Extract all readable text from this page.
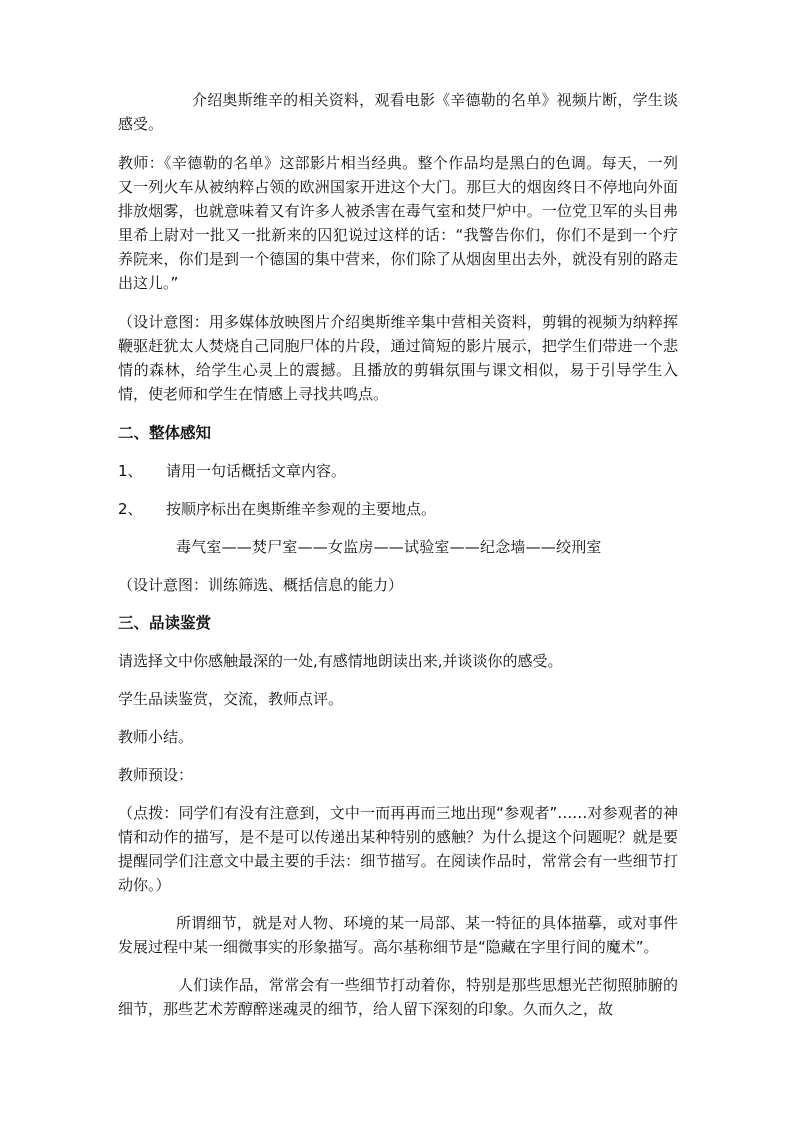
介绍奥斯维辛的相关资料，观看电影《辛德勒的名单》视频片断，学生谈感受。

教师：《辛德勒的名单》这部影片相当经典。整个作品均是黑白的色调。每天，一列又一列火车从被纳粹占领的欧洲国家开进这个大门。那巨大的烟囱终日不停地向外面排放烟雾，也就意味着又有许多人被杀害在毒气室和焚尸炉中。一位党卫军的头目弗里希上尉对一批又一批新来的囚犯说过这样的话：“我警告你们，你们不是到一个疗养院来，你们是到一个德国的集中营来，你们除了从烟囱里出去外，就没有别的路走出这儿。”

（设计意图：用多媒体放映图片介绍奥斯维辛集中营相关资料，剪辑的视频为纳粹挥鞭驱赶犹太人焚烧自己同胞尸体的片段，通过简短的影片展示，把学生们带进一个悲情的森林，给学生心灵上的震撼。且播放的剪辑氛围与课文相似，易于引导学生入情，使老师和学生在情感上寻找共鸣点。

二、整体感知

1、	请用一句话概括文章内容。
2、	按顺序标出在奥斯维辛参观的主要地点。

毒气室——焚尸室——女监房——试验室——纪念墙——绞刑室

（设计意图：训练筛选、概括信息的能力）

三、品读鉴赏

请选择文中你感触最深的一处,有感情地朗读出来,并谈谈你的感受。

学生品读鉴赏，交流，教师点评。

教师小结。

教师预设：

（点拨：同学们有没有注意到，文中一而再再而三地出现“参观者”……对参观者的神情和动作的描写，是不是可以传递出某种特别的感触？为什么提这个问题呢？就是要提醒同学们注意文中最主要的手法：细节描写。在阅读作品时，常常会有一些细节打动你。）

所谓细节，就是对人物、环境的某一局部、某一特征的具体描摹，或对事件发展过程中某一细微事实的形象描写。高尔基称细节是“隐藏在字里行间的魔术”。

人们读作品，常常会有一些细节打动着你，特别是那些思想光芒彻照肺腑的细节，那些艺术芳醇醉迷魂灵的细节，给人留下深刻的印象。久而久之，故
